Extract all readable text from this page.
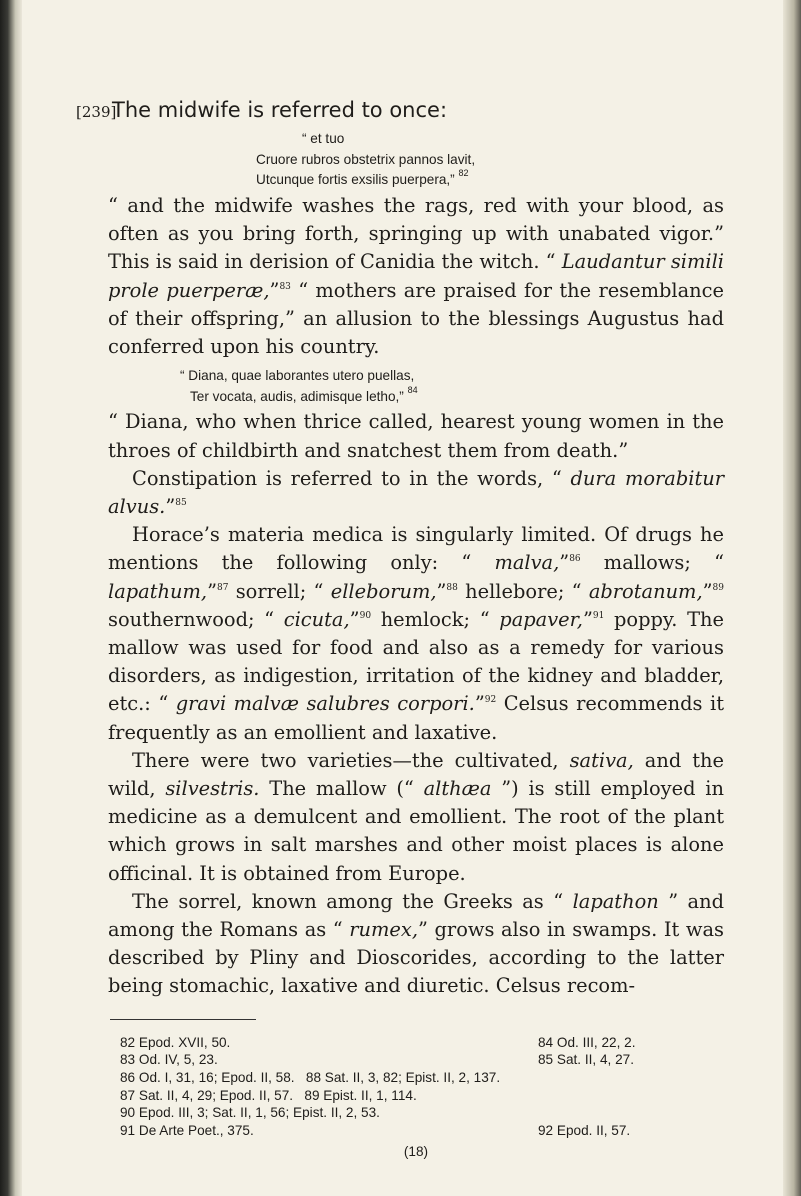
[239]
The midwife is referred to once:
“ et tuo
Cruore rubros obstetrix pannos lavit,
Utcunque fortis exsilis puerpera,” $^{82}$

“ and the midwife washes the rags, red with your blood, as often as you bring forth, springing up with unabated vigor.” This is said in derision of Canidia the witch. “ Laudantur simili prole puerperæ,”$^{83}$ “ mothers are praised for the resemblance of their offspring,” an allusion to the blessings Augustus had conferred upon his country.

“ Diana, quae laborantes utero puellas,
Ter vocata, audis, adimisque letho,” $^{84}$

“ Diana, who when thrice called, hearest young women in the throes of childbirth and snatchest them from death.”

Constipation is referred to in the words, “ dura morabitur alvus.”$^{85}$

Horace’s materia medica is singularly limited. Of drugs he mentions the following only: “ malva,”$^{86}$ mallows; “ lapathum,”$^{87}$ sorrell; “ elleborum,”$^{88}$ hellebore; “ abrotanum,”$^{89}$ southernwood; “ cicuta,”$^{90}$ hemlock; “ papaver,”$^{91}$ poppy. The mallow was used for food and also as a remedy for various disorders, as indigestion, irritation of the kidney and bladder, etc.: “ gravi malvæ salubres corpori.”$^{92}$ Celsus recommends it frequently as an emollient and laxative.

There were two varieties—the cultivated, sativa, and the wild, silvestris. The mallow (“ althæa ”) is still employed in medicine as a demulcent and emollient. The root of the plant which grows in salt marshes and other moist places is alone officinal. It is obtained from Europe.

The sorrel, known among the Greeks as “ lapathon ” and among the Romans as “ rumex,” grows also in swamps. It was described by Pliny and Dioscorides, according to the latter being stomachic, laxative and diuretic. Celsus recom-

82 Epod. XVII, 50.	84 Od. III, 22, 2.
83 Od. IV, 5, 23.	85 Sat. II, 4, 27.
86 Od. I, 31, 16; Epod. II, 58.   88 Sat. II, 3, 82; Epist. II, 2, 137.
87 Sat. II, 4, 29; Epod. II, 57.   89 Epist. II, 1, 114.
90 Epod. III, 3; Sat. II, 1, 56; Epist. II, 2, 53.
91 De Arte Poet., 375.	92 Epod. II, 57.
(18)
